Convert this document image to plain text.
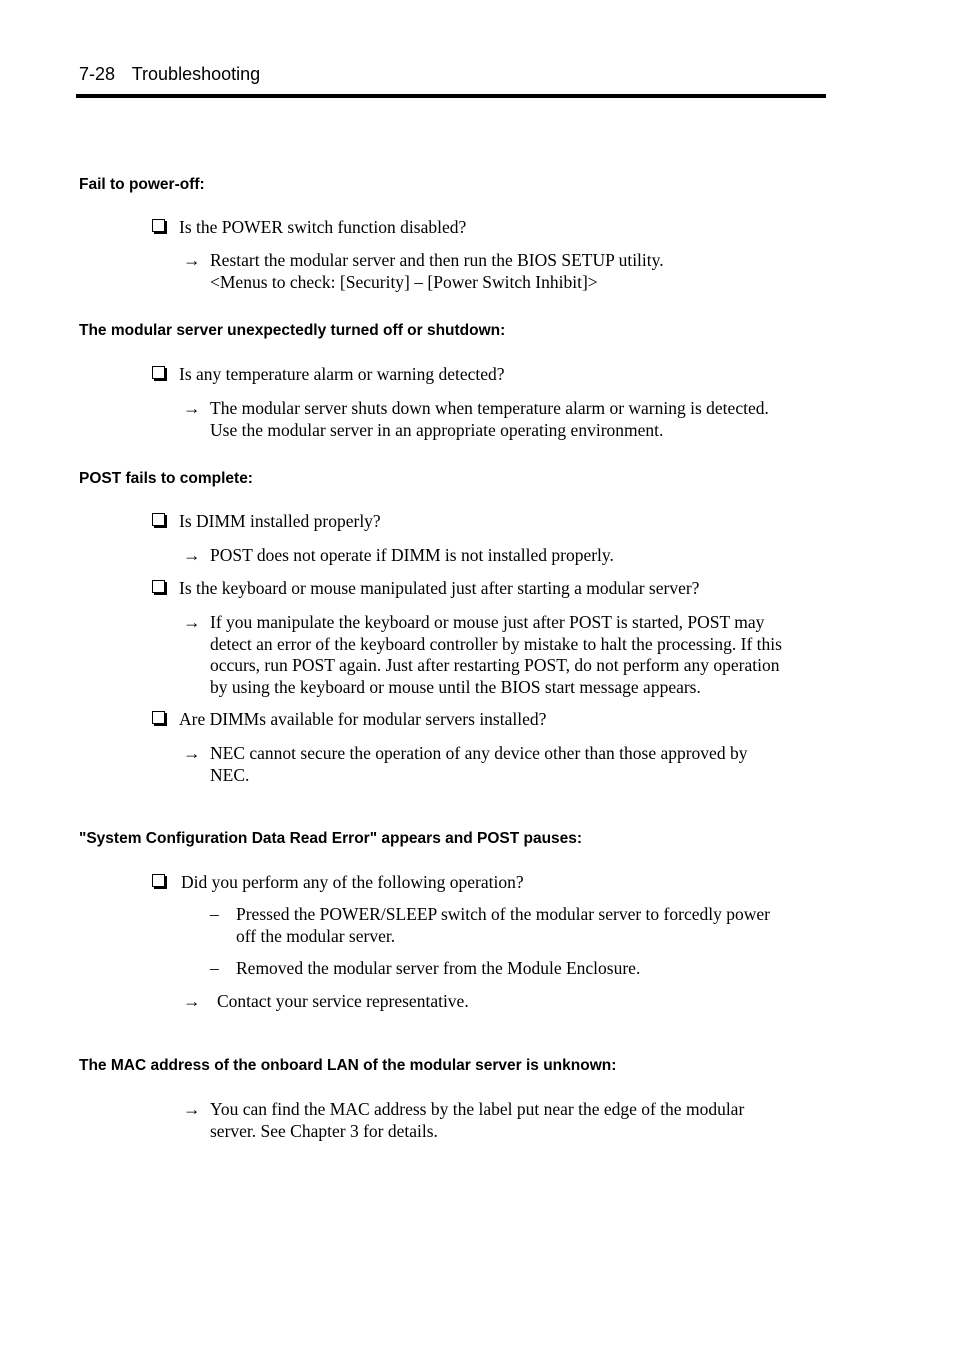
7-28 Troubleshooting
Fail to power-off:
Is the POWER switch function disabled?
→ Restart the modular server and then run the BIOS SETUP utility.
<Menus to check: [Security] – [Power Switch Inhibit]>
The modular server unexpectedly turned off or shutdown:
Is any temperature alarm or warning detected?
→ The modular server shuts down when temperature alarm or warning is detected.
Use the modular server in an appropriate operating environment.
POST fails to complete:
Is DIMM installed properly?
→ POST does not operate if DIMM is not installed properly.
Is the keyboard or mouse manipulated just after starting a modular server?
→ If you manipulate the keyboard or mouse just after POST is started, POST may
detect an error of the keyboard controller by mistake to halt the processing. If this
occurs, run POST again. Just after restarting POST, do not perform any operation
by using the keyboard or mouse until the BIOS start message appears.
Are DIMMs available for modular servers installed?
→ NEC cannot secure the operation of any device other than those approved by
NEC.
"System Configuration Data Read Error" appears and POST pauses:
Did you perform any of the following operation?
– Pressed the POWER/SLEEP switch of the modular server to forcedly power
off the modular server.
– Removed the modular server from the Module Enclosure.
→ Contact your service representative.
The MAC address of the onboard LAN of the modular server is unknown:
→ You can find the MAC address by the label put near the edge of the modular
server. See Chapter 3 for details.
